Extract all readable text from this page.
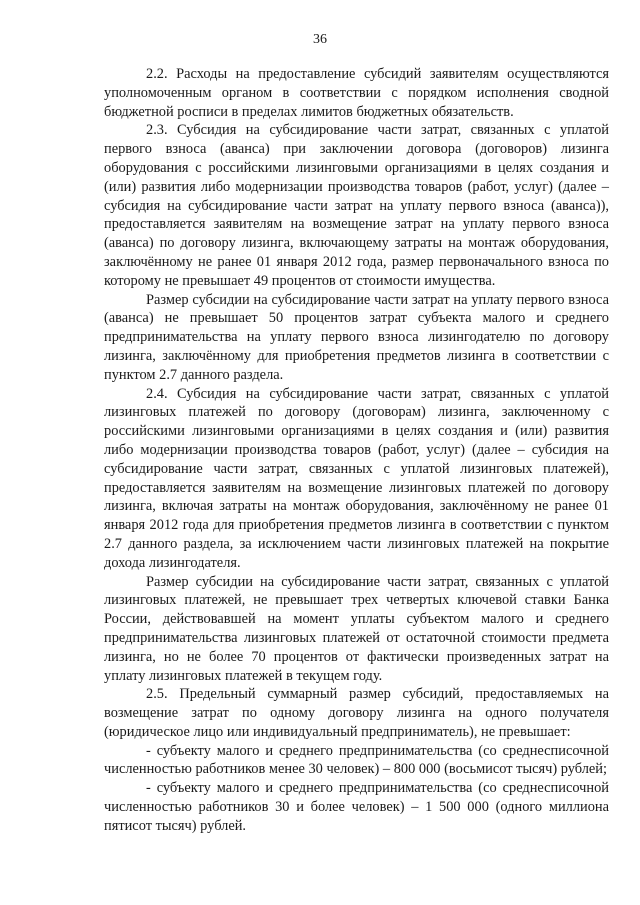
36

2.2. Расходы на предоставление субсидий заявителям осуществляются уполномоченным органом в соответствии с порядком исполнения сводной бюджетной росписи в пределах лимитов бюджетных обязательств.

2.3. Субсидия на субсидирование части затрат, связанных с уплатой первого взноса (аванса) при заключении договора (договоров) лизинга оборудования с российскими лизинговыми организациями в целях создания и (или) развития либо модернизации производства товаров (работ, услуг) (далее – субсидия на субсидирование части затрат на уплату первого взноса (аванса)), предоставляется заявителям на возмещение затрат на уплату первого взноса (аванса) по договору лизинга, включающему затраты на монтаж оборудования, заключённому не ранее 01 января 2012 года, размер первоначального взноса по которому не превышает 49 процентов от стоимости имущества.

Размер субсидии на субсидирование части затрат на уплату первого взноса (аванса) не превышает 50 процентов затрат субъекта малого и среднего предпринимательства на уплату первого взноса лизингодателю по договору лизинга, заключённому для приобретения предметов лизинга в соответствии с пунктом 2.7 данного раздела.

2.4. Субсидия на субсидирование части затрат, связанных с уплатой лизинговых платежей по договору (договорам) лизинга, заключенному с российскими лизинговыми организациями в целях создания и (или) развития либо модернизации производства товаров (работ, услуг) (далее – субсидия на субсидирование части затрат, связанных с уплатой лизинговых платежей), предоставляется заявителям на возмещение лизинговых платежей по договору лизинга, включая затраты на монтаж оборудования, заключённому не ранее 01 января 2012 года для приобретения предметов лизинга в соответствии с пунктом 2.7 данного раздела, за исключением части лизинговых платежей на покрытие дохода лизингодателя.

Размер субсидии на субсидирование части затрат, связанных с уплатой лизинговых платежей, не превышает трех четвертых ключевой ставки Банка России, действовавшей на момент уплаты субъектом малого и среднего предпринимательства лизинговых платежей от остаточной стоимости предмета лизинга, но не более 70 процентов от фактически произведенных затрат на уплату лизинговых платежей в текущем году.

2.5. Предельный суммарный размер субсидий, предоставляемых на возмещение затрат по одному договору лизинга на одного получателя (юридическое лицо или индивидуальный предприниматель), не превышает:

- субъекту малого и среднего предпринимательства (со среднесписочной численностью работников менее 30 человек) – 800 000 (восьмисот тысяч) рублей;

- субъекту малого и среднего предпринимательства (со среднесписочной численностью работников 30 и более человек) – 1 500 000 (одного миллиона пятисот тысяч) рублей.
